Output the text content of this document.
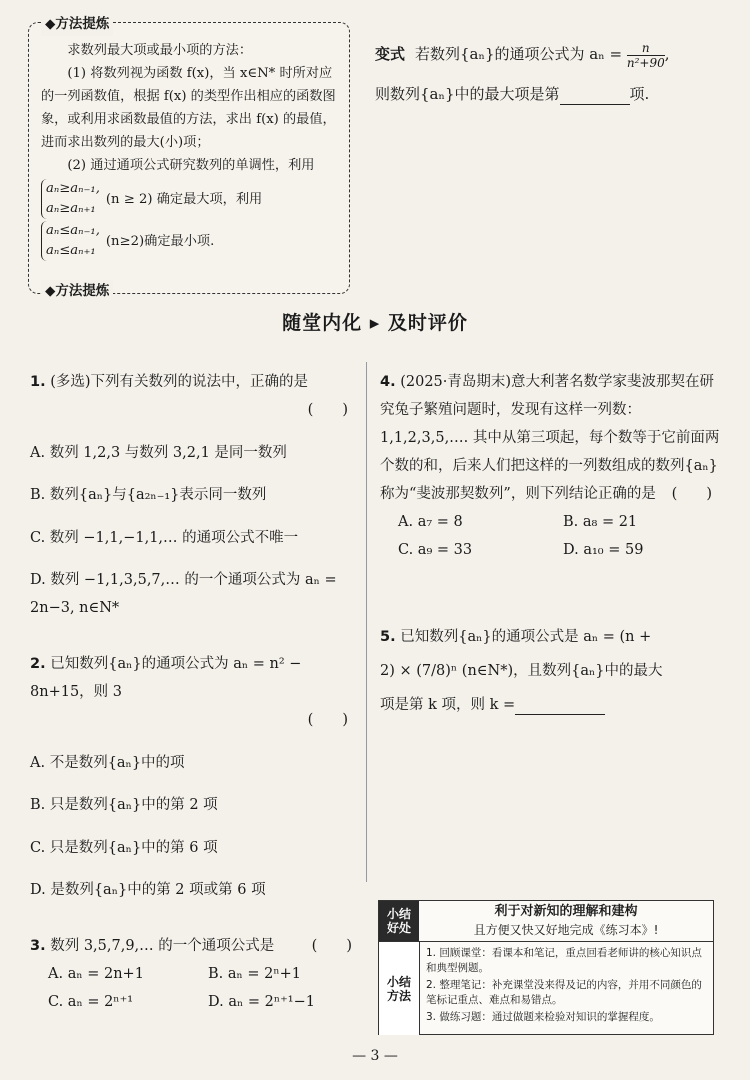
◆方法提炼

求数列最大项或最小项的方法：

(1) 将数列视为函数 f(x)，当 x∈N* 时所对应的一列函数值，根据 f(x) 的类型作出相应的函数图象，或利用求函数最值的方法，求出 f(x) 的最值，进而求出数列的最大(小)项；

(2) 通过通项公式研究数列的单调性，利用

aₙ≥aₙ₋₁,
aₙ≥aₙ₊₁
(n ≥ 2) 确定最大项，利用
aₙ≤aₙ₋₁,
aₙ≤aₙ₊₁
(n≥2)确定最小项.
◆方法提炼
变式 若数列{aₙ}的通项公式为 $a_n = \frac{n}{\text{n²+90}}$ ,
则数列{aₙ}中的最大项是第	项.
随堂内化 ▸ 及时评价

1. (多选)下列有关数列的说法中，正确的是

(　　)

A. 数列 1,2,3 与数列 3,2,1 是同一数列

B. 数列{aₙ}与{a₂ₙ₋₁}表示同一数列

C. 数列 −1,1,−1,1,… 的通项公式不唯一

D. 数列 −1,1,3,5,7,… 的一个通项公式为 aₙ = 2n−3, n∈N*

2. 已知数列{aₙ}的通项公式为 aₙ = n² − 8n+15，则 3

(　　)

A. 不是数列{aₙ}中的项

B. 只是数列{aₙ}中的第 2 项

C. 只是数列{aₙ}中的第 6 项

D. 是数列{aₙ}中的第 2 项或第 6 项

3. 数列 3,5,7,9,… 的一个通项公式是	(　　)

A. aₙ = 2n+1	B. aₙ = 2ⁿ+1
C. aₙ = 2ⁿ⁺¹	D. aₙ = 2ⁿ⁺¹−1

4. (2025·青岛期末)意大利著名数学家斐波那契在研究兔子繁殖问题时，发现有这样一列数：1,1,2,3,5,…. 其中从第三项起，每个数等于它前面两个数的和，后来人们把这样的一列数组成的数列{aₙ}称为“斐波那契数列”，则下列结论正确的是 (　　)

A. a₇ = 8	B. a₈ = 21
C. a₉ = 33	D. a₁₀ = 59

5. 已知数列{aₙ}的通项公式是 aₙ = (n +

2) × (7/8)ⁿ (n∈N*)，且数列{aₙ}中的最大

项是第 k 项，则 k =

小结 好处
利于对新知的理解和建构
且方便又快又好地完成《练习本》!
小结 方法
1. 回顾课堂：看课本和笔记，重点回看老师讲的核心知识点和典型例题。
2. 整理笔记：补充课堂没来得及记的内容，并用不同颜色的笔标记重点、难点和易错点。
3. 做练习题：通过做题来检验对知识的掌握程度。
— 3 —
